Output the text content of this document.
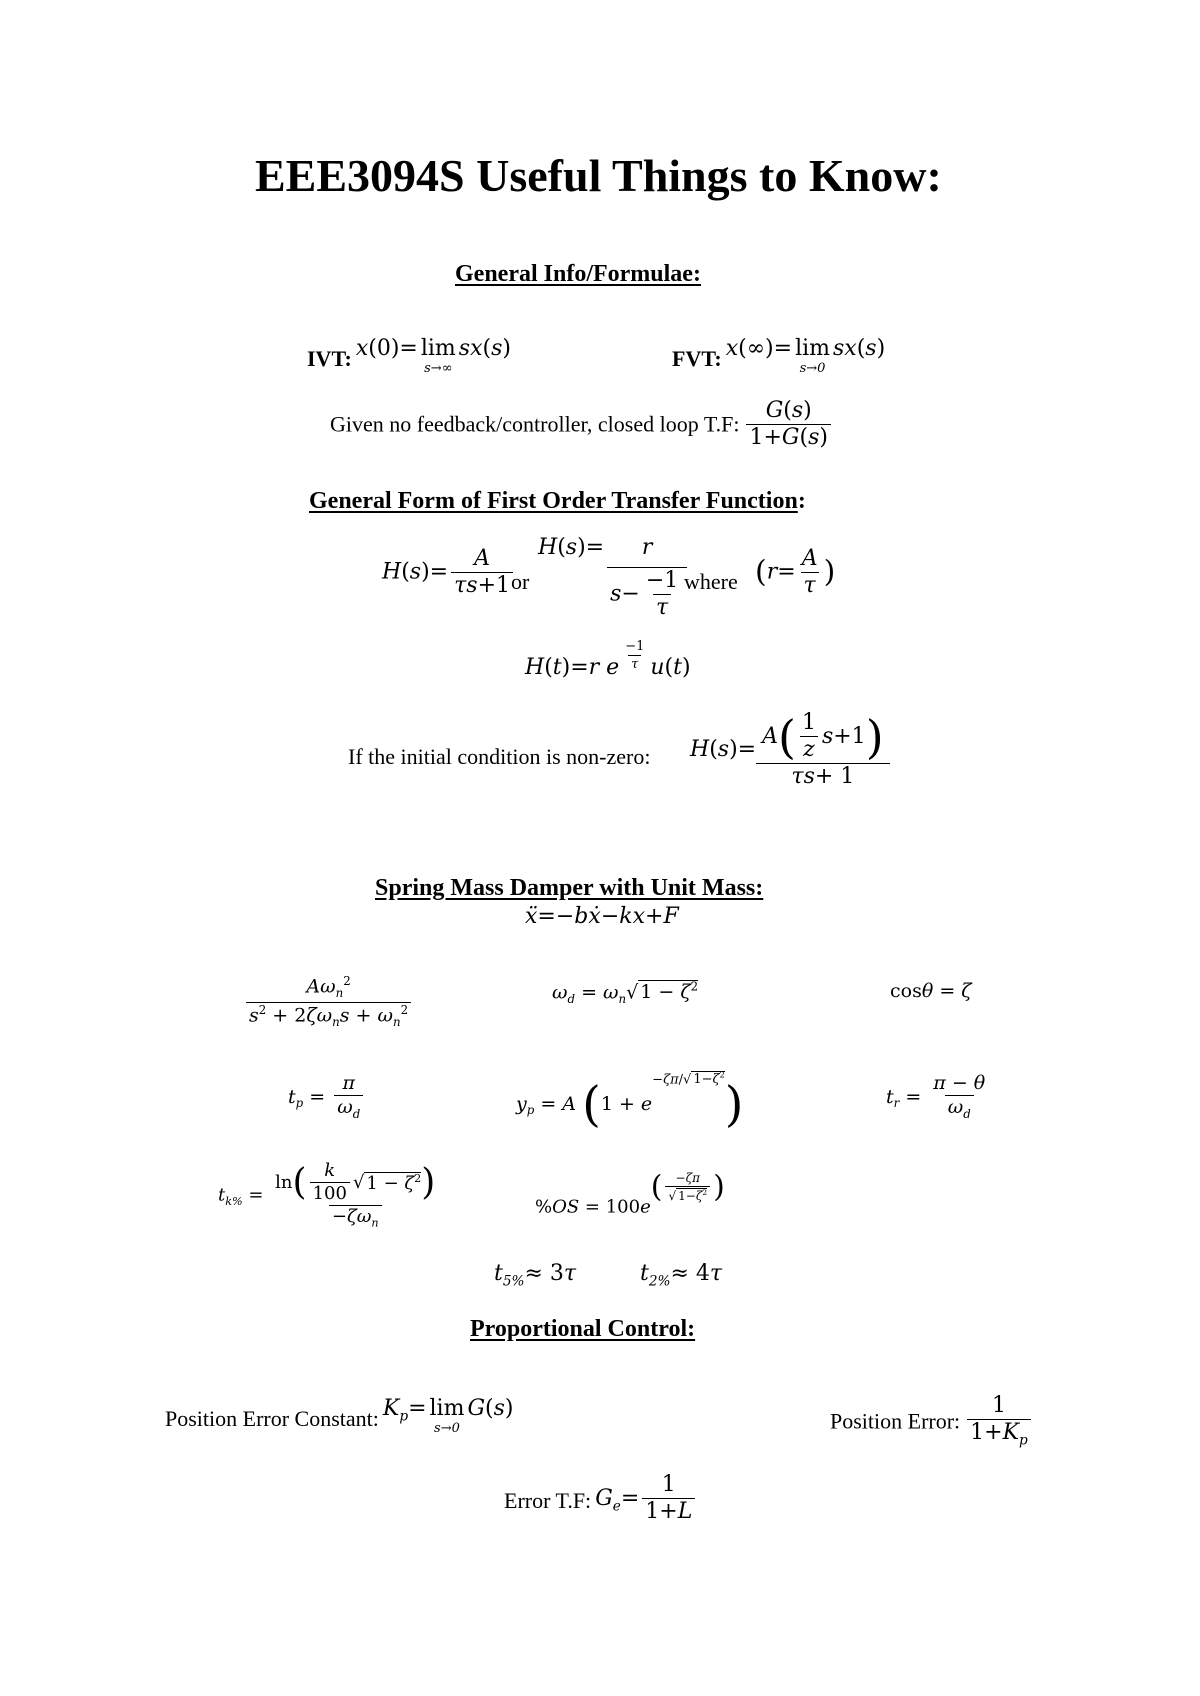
EEE3094S Useful Things to Know:
General Info/Formulae:
IVT: x(0)= lim
s→∞
sx(s)	FVT: x(∞)= lim
s→0
sx(s)
Given no feedback/controller, closed loop T.F: $\frac{G(s)}{1+G(s)}$
General Form of First Order Transfer Function:
$H(s)= \frac{A}{\tau s+1}$
or
$H(s)= \frac{r}{s- \frac{-1}{\tau}}$
where ($r= \frac{A}{\tau}$ )
H(t)=r e $\frac{-1}{\tau} u(t)$
If the initial condition is non-zero: $H(s)= \frac{A ( \frac{1}{z} s +1 )}{\tau s+ 1}$
Spring Mass Damper with Unit Mass:
ẍ=−bẋ−kx+F
$\frac{A\omega_n^2}{s^2 + 2\zeta\omega_ns + \omega_n^2}$	$\omega_d = \omega_n√$ $1 - \zeta^2$	cosθ = ζ
$t_p = \frac{\pi}{\omega_d}$	$y_p = A$ $(1 + e^{-\zeta\pi/√ 1-\zeta^2})$	$t_r = \frac{\pi - \theta}{\omega_d}$
$t_{k\%} = \frac{\ln ( \frac{k}{100} √ 1 - \zeta^2 )}{-\zeta\omega_n}$	$\%OS = 100e^{( \frac{-\zeta\pi}{√ 1-\zeta^2} )}$
$t_{5\%}\approx 3\tau$	$t_{2\%}\approx 4\tau$
Proportional Control:
Position Error Constant: $K_p= \lim$
s→0
G(s)
Position Error: $\frac{1}{1+K_p}$
Error T.F: $G_e= \frac{1}{1+L}$
